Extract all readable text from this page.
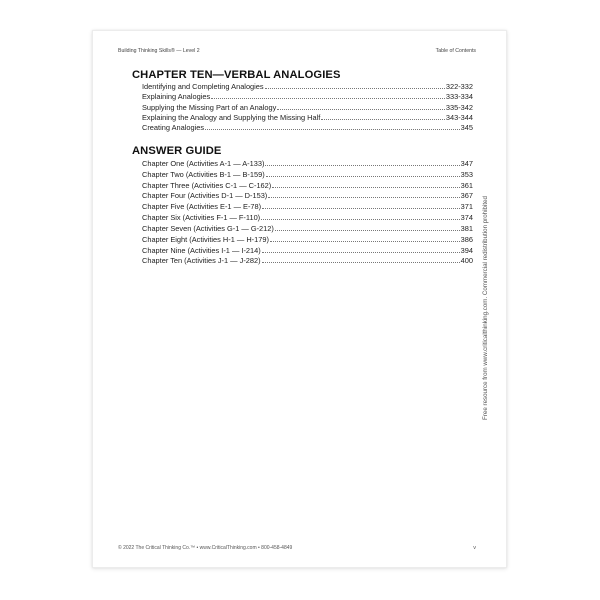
Building Thinking Skills® — Level 2	Table of Contents
CHAPTER TEN—VERBAL ANALOGIES
Identifying and Completing Analogies	322-332
Explaining Analogies	333-334
Supplying the Missing Part of an Analogy	335-342
Explaining the Analogy and Supplying the Missing Half	343-344
Creating Analogies	345
ANSWER GUIDE
Chapter One (Activities A-1 — A-133)	347
Chapter Two (Activities B-1 — B-159)	353
Chapter Three (Activities C-1 — C-162)	361
Chapter Four (Activities D-1 — D-153)	367
Chapter Five (Activities E-1 — E-78)	371
Chapter Six (Activities F-1 — F-110)	374
Chapter Seven (Activities G-1 — G-212)	381
Chapter Eight (Activities H-1 — H-179)	386
Chapter Nine (Activities I-1 — I-214)	394
Chapter Ten (Activities J-1 — J-282)	400 Free resource from www.criticalthinking.com. Commercial redistribution prohibited
© 2022 The Critical Thinking Co.™ • www.CriticalThinking.com • 800-458-4849	v
